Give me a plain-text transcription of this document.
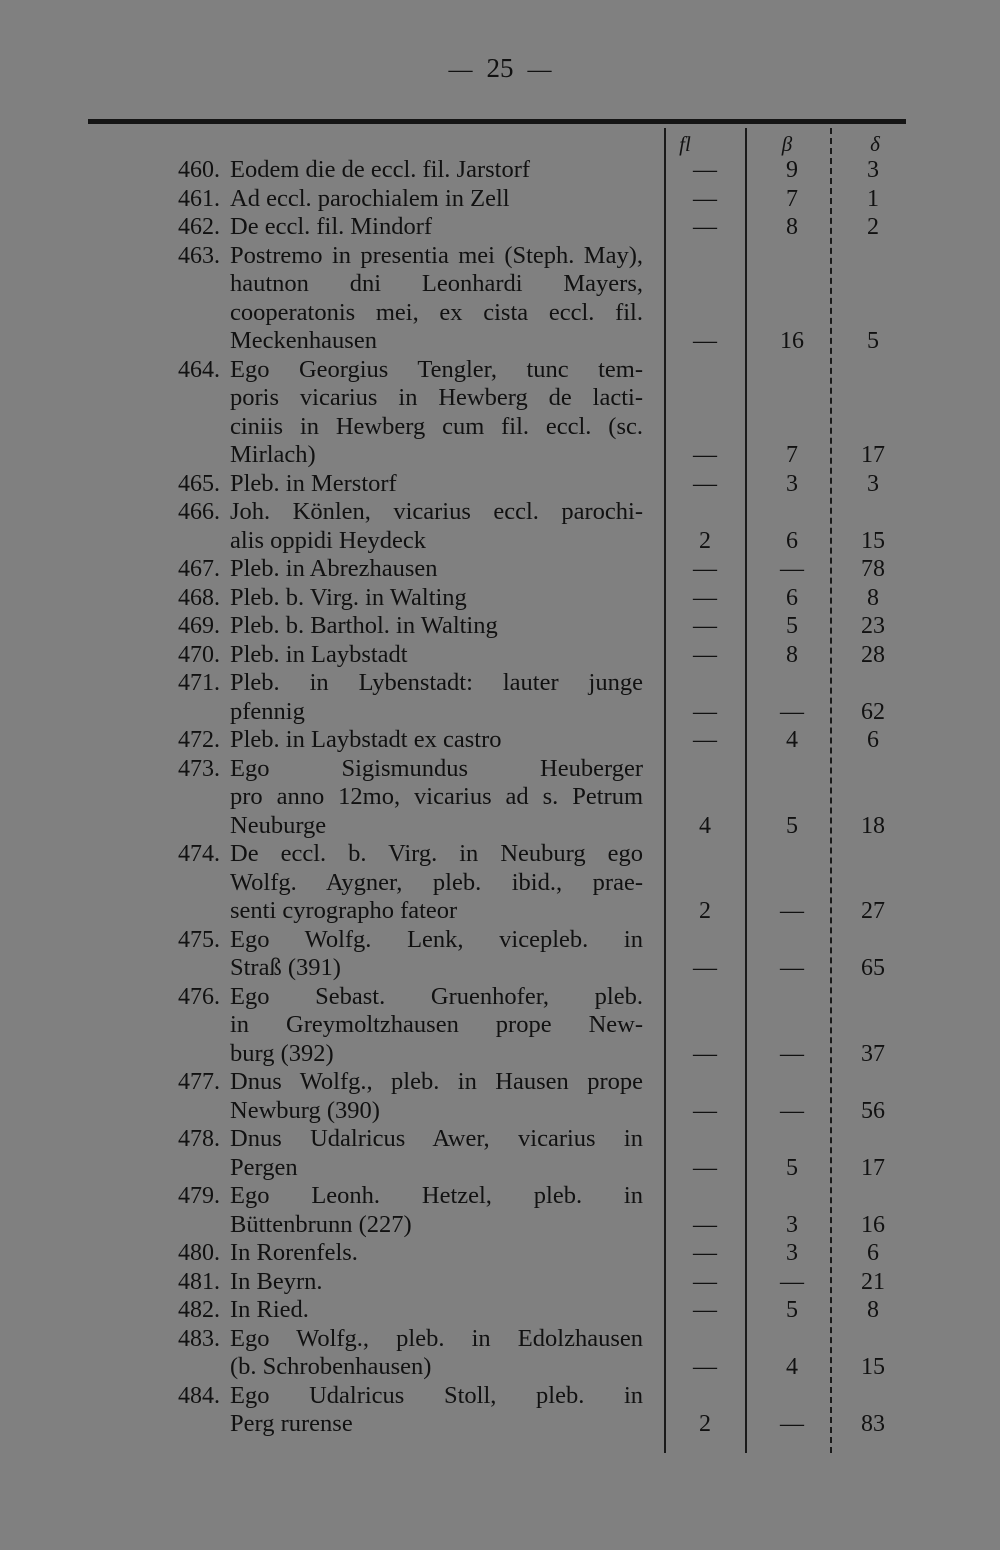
— 25 —
fl	β	δ
460. Eodem die de eccl. fil. Jarstorf	—	9	3
461. Ad eccl. parochialem in Zell	—	7	1
462. De eccl. fil. Mindorf	—	8	2
463. Postremo in presentia mei (Steph. May),
hautnon dni Leonhardi Mayers,
cooperatonis mei, ex cista eccl. fil.
Meckenhausen	—	16	5
464. Ego Georgius Tengler, tunc tem-
poris vicarius in Hewberg de lacti-
ciniis in Hewberg cum fil. eccl. (sc.
Mirlach)	—	7	17
465. Pleb. in Merstorf	—	3	3
466. Joh. Könlen, vicarius eccl. parochi-
alis oppidi Heydeck	2	6	15
467. Pleb. in Abrezhausen	—	—	78
468. Pleb. b. Virg. in Walting	—	6	8
469. Pleb. b. Barthol. in Walting	—	5	23
470. Pleb. in Laybstadt	—	8	28
471. Pleb. in Lybenstadt: lauter junge
pfennig	—	—	62
472. Pleb. in Laybstadt ex castro	—	4	6
473. Ego Sigismundus Heuberger
pro anno 12mo, vicarius ad s. Petrum
Neuburge	4	5	18
474. De eccl. b. Virg. in Neuburg ego
Wolfg. Aygner, pleb. ibid., prae-
senti cyrographo fateor	2	—	27
475. Ego Wolfg. Lenk, vicepleb. in
Straß (391)	—	—	65
476. Ego Sebast. Gruenhofer, pleb.
in Greymoltzhausen prope New-
burg (392)	—	—	37
477. Dnus Wolfg., pleb. in Hausen prope
Newburg (390)	—	—	56
478. Dnus Udalricus Awer, vicarius in
Pergen	—	5	17
479. Ego Leonh. Hetzel, pleb. in
Büttenbrunn (227)	—	3	16
480. In Rorenfels.	—	3	6
481. In Beyrn.	—	—	21
482. In Ried.	—	5	8
483. Ego Wolfg., pleb. in Edolzhausen
(b. Schrobenhausen)	—	4	15
484. Ego Udalricus Stoll, pleb. in
Perg rurense	2	—	83
